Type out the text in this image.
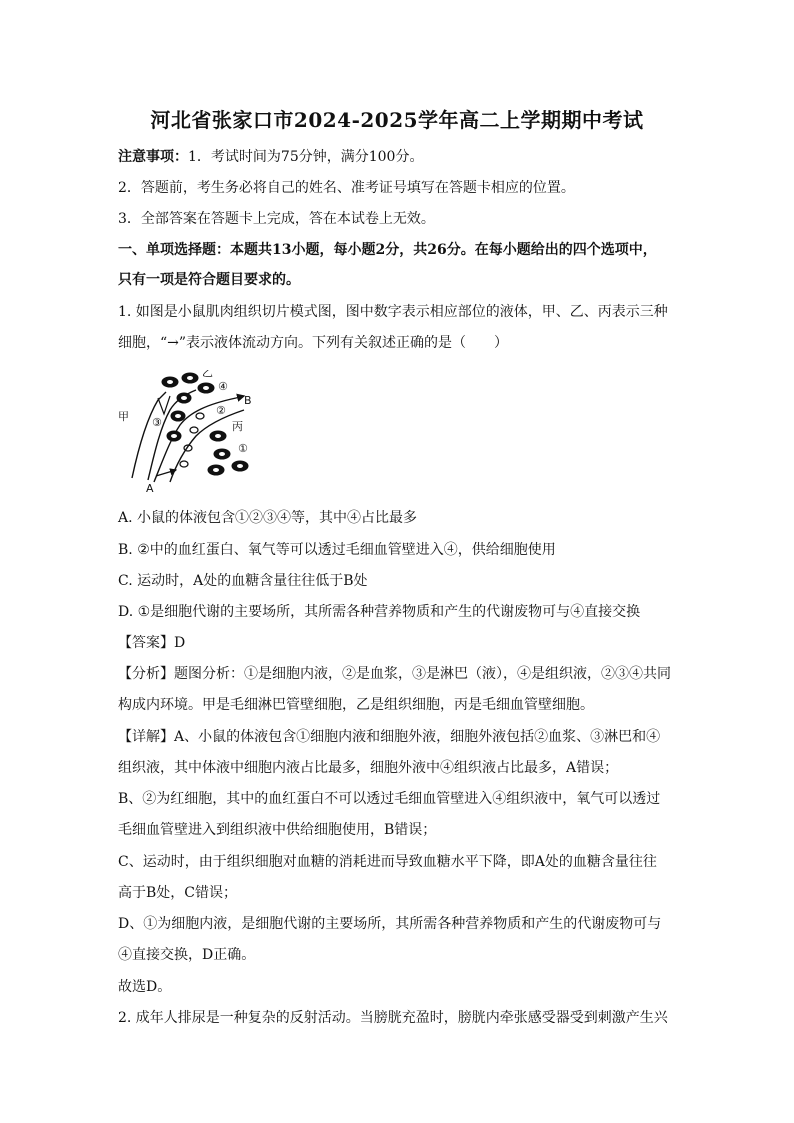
河北省张家口市2024-2025学年高二上学期期中考试
注意事项：1．考试时间为75分钟，满分100分。
2．答题前，考生务必将自己的姓名、准考证号填写在答题卡相应的位置。
3．全部答案在答题卡上完成，答在本试卷上无效。
一、单项选择题：本题共13小题，每小题2分，共26分。在每小题给出的四个选项中，
只有一项是符合题目要求的。
1. 如图是小鼠肌肉组织切片模式图，图中数字表示相应部位的液体，甲、乙、丙表示三种
细胞，“→”表示液体流动方向。下列有关叙述正确的是（　　）
乙
④
B
②
丙
甲 ③
①
A
A. 小鼠的体液包含①②③④等，其中④占比最多
B. ②中的血红蛋白、氧气等可以透过毛细血管壁进入④，供给细胞使用
C. 运动时，A处的血糖含量往往低于B处
D. ①是细胞代谢的主要场所，其所需各种营养物质和产生的代谢废物可与④直接交换
【答案】D
【分析】题图分析：①是细胞内液，②是血浆，③是淋巴（液），④是组织液，②③④共同
构成内环境。甲是毛细淋巴管壁细胞，乙是组织细胞，丙是毛细血管壁细胞。
【详解】A、小鼠的体液包含①细胞内液和细胞外液，细胞外液包括②血浆、③淋巴和④
组织液，其中体液中细胞内液占比最多，细胞外液中④组织液占比最多，A错误；
B、②为红细胞，其中的血红蛋白不可以透过毛细血管壁进入④组织液中，氧气可以透过
毛细血管壁进入到组织液中供给细胞使用，B错误；
C、运动时，由于组织细胞对血糖的消耗进而导致血糖水平下降，即A处的血糖含量往往
高于B处，C错误；
D、①为细胞内液，是细胞代谢的主要场所，其所需各种营养物质和产生的代谢废物可与
④直接交换，D正确。
故选D。
2. 成年人排尿是一种复杂的反射活动。当膀胱充盈时，膀胱内牵张感受器受到刺激产生兴
